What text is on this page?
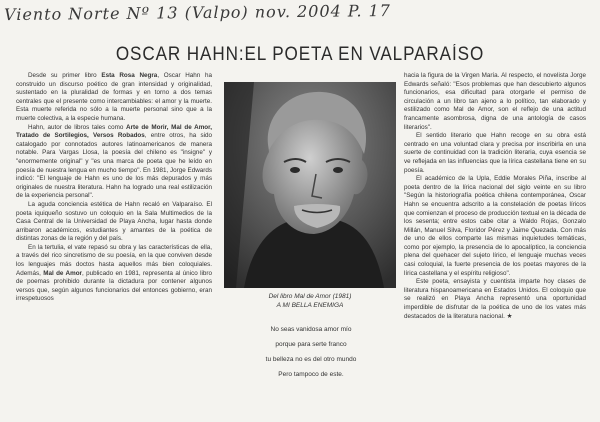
Viento Norte Nº 13 (Valpo) nov. 2004 P. 17
OSCAR HAHN:EL POETA EN VALPARAÍSO

Desde su primer libro Esta Rosa Negra, Oscar Hahn ha construido un discurso poético de gran intensidad y originalidad, sustentado en la pluralidad de formas y en torno a dos temas centrales que el presente como intercambiables: el amor y la muerte. Esta muerte referida no sólo a la muerte personal sino que a la muerte colectiva, a la especie humana.

Hahn, autor de libros tales como Arte de Morir, Mal de Amor, Tratado de Sortilegios, Versos Robados, entre otros, ha sido catalogado por connotados autores latinoamericanos de manera notable. Para Vargas Llosa, la poesía del chileno es "insigne" y "enormemente original" y "es una marca de poeta que he leído en poesía de nuestra lengua en mucho tiempo". En 1981, Jorge Edwards indicó: "El lenguaje de Hahn es uno de los más depurados y más originales de nuestra literatura. Hahn ha logrado una real estilización de la experiencia personal".

La aguda conciencia estética de Hahn recaló en Valparaíso. El poeta iquiqueño sostuvo un coloquio en la Sala Multimedios de la Casa Central de la Universidad de Playa Ancha, lugar hasta donde arribaron académicos, estudiantes y amantes de la poética de distintas zonas de la región y del país.

En la tertulia, el vate repasó su obra y las características de ella, a través del rico sincretismo de su poesía, en la que conviven desde los lenguajes más doctos hasta aquellos más bien coloquiales. Además, Mal de Amor, publicado en 1981, representa al único libro de poemas prohibido durante la dictadura por contener algunos versos que, según algunos funcionarios del entonces gobierno, eran irrespetuosos	Del libro Mal de Amor (1981)
A MI BELLA ENEMIGA
No seas vanidosa amor mío
porque para serte franco
tu belleza no es del otro mundo
Pero tampoco de este.

hacia la figura de la Virgen María. Al respecto, el novelista Jorge Edwards señaló: "Esos problemas que han descubierto algunos funcionarios, esa dificultad para otorgarle el permiso de circulación a un libro tan ajeno a lo político, tan elaborado y estilizado como Mal de Amor, son el reflejo de una actitud francamente asombrosa, digna de una antología de casos literarios".

El sentido literario que Hahn recoge en su obra está centrado en una voluntad clara y precisa por inscribirla en una suerte de continuidad con la tradición literaria, cuya esencia se ve reflejada en las influencias que la lírica castellana tiene en su poesía.

El académico de la Upla, Eddie Morales Piña, inscribe al poeta dentro de la lírica nacional del siglo veinte en su libro "Según la historiografía poética chilena contemporánea, Oscar Hahn se encuentra adscrito a la constelación de poetas líricos que comienzan el proceso de producción textual en la década de los sesenta; entre estos cabe citar a Waldo Rojas, Gonzalo Millán, Manuel Silva, Floridor Pérez y Jaime Quezada. Con más de uno de ellos comparte las mismas inquietudes temáticas, como por ejemplo, la presencia de lo apocalíptico, la conciencia plena del quehacer del sujeto lírico, el lenguaje muchas veces casi coloquial, la fuerte presencia de los poetas mayores de la lírica castellana y el espíritu religioso".

Este poeta, ensayista y cuentista imparte hoy clases de literatura hispanoamericana en Estados Unidos. El coloquio que se realizó en Playa Ancha representó una oportunidad imperdible de disfrutar de la poética de uno de los vates más destacados de la literatura nacional. ★
